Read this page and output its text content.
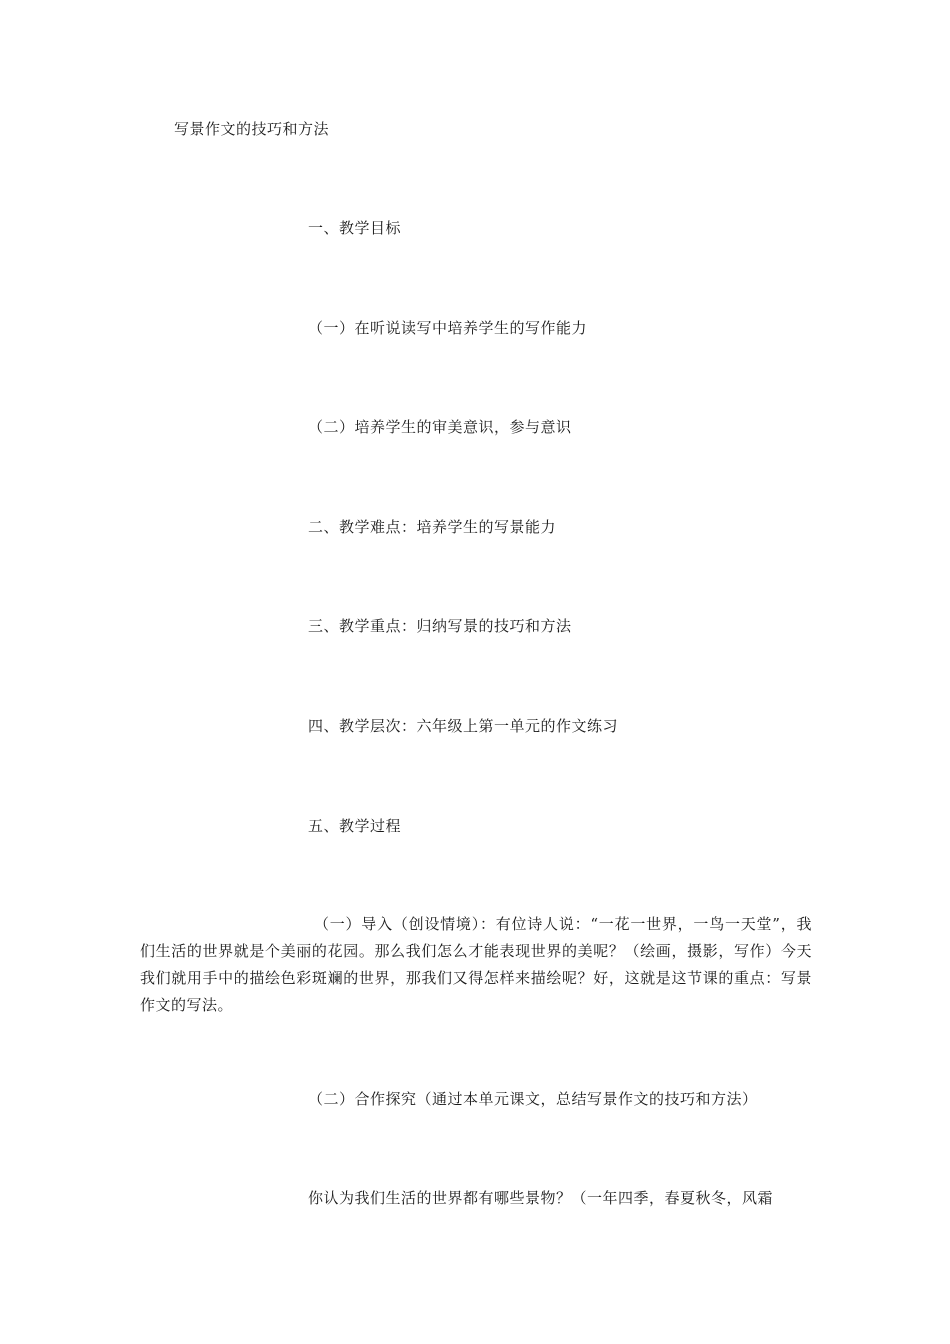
写景作文的技巧和方法
一、教学目标
（一）在听说读写中培养学生的写作能力
（二）培养学生的审美意识，参与意识
二、教学难点：培养学生的写景能力
三、教学重点：归纳写景的技巧和方法
四、教学层次：六年级上第一单元的作文练习
五、教学过程
（一）导入（创设情境）：有位诗人说：“一花一世界，一鸟一天堂”，我们生活的世界就是个美丽的花园。那么我们怎么才能表现世界的美呢？（绘画，摄影，写作）今天我们就用手中的描绘色彩斑斓的世界，那我们又得怎样来描绘呢？好，这就是这节课的重点：写景作文的写法。
（二）合作探究（通过本单元课文，总结写景作文的技巧和方法）
你认为我们生活的世界都有哪些景物？（一年四季，春夏秋冬，风霜
